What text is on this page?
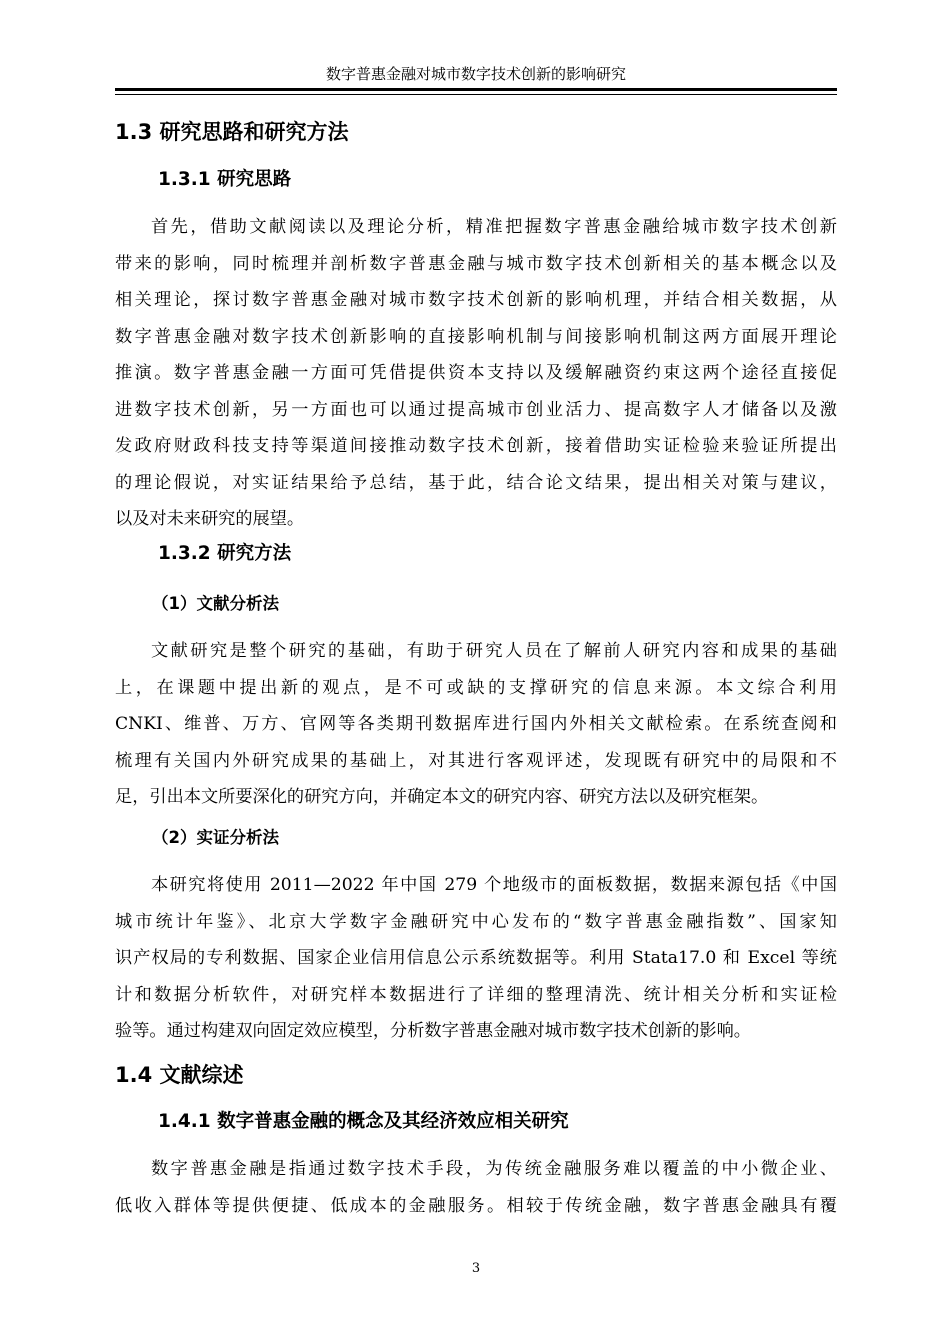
数字普惠金融对城市数字技术创新的影响研究
1.3 研究思路和研究方法
1.3.1 研究思路
首先，借助文献阅读以及理论分析，精准把握数字普惠金融给城市数字技术创新
带来的影响，同时梳理并剖析数字普惠金融与城市数字技术创新相关的基本概念以及
相关理论，探讨数字普惠金融对城市数字技术创新的影响机理，并结合相关数据，从
数字普惠金融对数字技术创新影响的直接影响机制与间接影响机制这两方面展开理论
推演。数字普惠金融一方面可凭借提供资本支持以及缓解融资约束这两个途径直接促
进数字技术创新，另一方面也可以通过提高城市创业活力、提高数字人才储备以及激
发政府财政科技支持等渠道间接推动数字技术创新，接着借助实证检验来验证所提出
的理论假说，对实证结果给予总结，基于此，结合论文结果，提出相关对策与建议，
以及对未来研究的展望。
1.3.2 研究方法
（1）文献分析法
文献研究是整个研究的基础，有助于研究人员在了解前人研究内容和成果的基础
上，在课题中提出新的观点，是不可或缺的支撑研究的信息来源。本文综合利用
CNKI、维普、万方、官网等各类期刊数据库进行国内外相关文献检索。在系统查阅和
梳理有关国内外研究成果的基础上，对其进行客观评述，发现既有研究中的局限和不
足，引出本文所要深化的研究方向，并确定本文的研究内容、研究方法以及研究框架。
（2）实证分析法
本研究将使用 2011—2022 年中国 279 个地级市的面板数据，数据来源包括《中国
城市统计年鉴》、北京大学数字金融研究中心发布的“数字普惠金融指数”、国家知
识产权局的专利数据、国家企业信用信息公示系统数据等。利用 Stata17.0 和 Excel 等统
计和数据分析软件，对研究样本数据进行了详细的整理清洗、统计相关分析和实证检
验等。通过构建双向固定效应模型，分析数字普惠金融对城市数字技术创新的影响。
1.4 文献综述
1.4.1 数字普惠金融的概念及其经济效应相关研究
数字普惠金融是指通过数字技术手段，为传统金融服务难以覆盖的中小微企业、
低收入群体等提供便捷、低成本的金融服务。相较于传统金融，数字普惠金融具有覆
3
